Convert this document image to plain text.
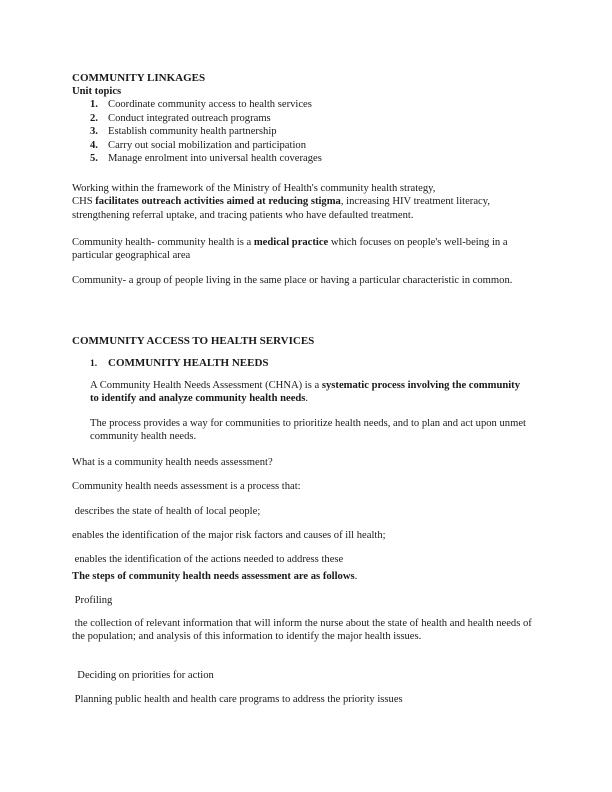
COMMUNITY LINKAGES
Unit topics
1. Coordinate community access to health services
2. Conduct integrated outreach programs
3. Establish community health partnership
4. Carry out social mobilization and participation
5. Manage enrolment into universal health coverages
Working within the framework of the Ministry of Health's community health strategy,
CHS facilitates outreach activities aimed at reducing stigma, increasing HIV treatment literacy, strengthening referral uptake, and tracing patients who have defaulted treatment.
Community health- community health is a medical practice which focuses on people's well-being in a particular geographical area
Community- a group of people living in the same place or having a particular characteristic in common.
COMMUNITY ACCESS TO HEALTH SERVICES
1. COMMUNITY HEALTH NEEDS
A Community Health Needs Assessment (CHNA) is a systematic process involving the community to identify and analyze community health needs.
The process provides a way for communities to prioritize health needs, and to plan and act upon unmet community health needs.
What is a community health needs assessment?
Community health needs assessment is a process that:
describes the state of health of local people;
enables the identification of the major risk factors and causes of ill health;
enables the identification of the actions needed to address these
The steps of community health needs assessment are as follows.
Profiling
the collection of relevant information that will inform the nurse about the state of health and health needs of the population; and analysis of this information to identify the major health issues.
Deciding on priorities for action
Planning public health and health care programs to address the priority issues
